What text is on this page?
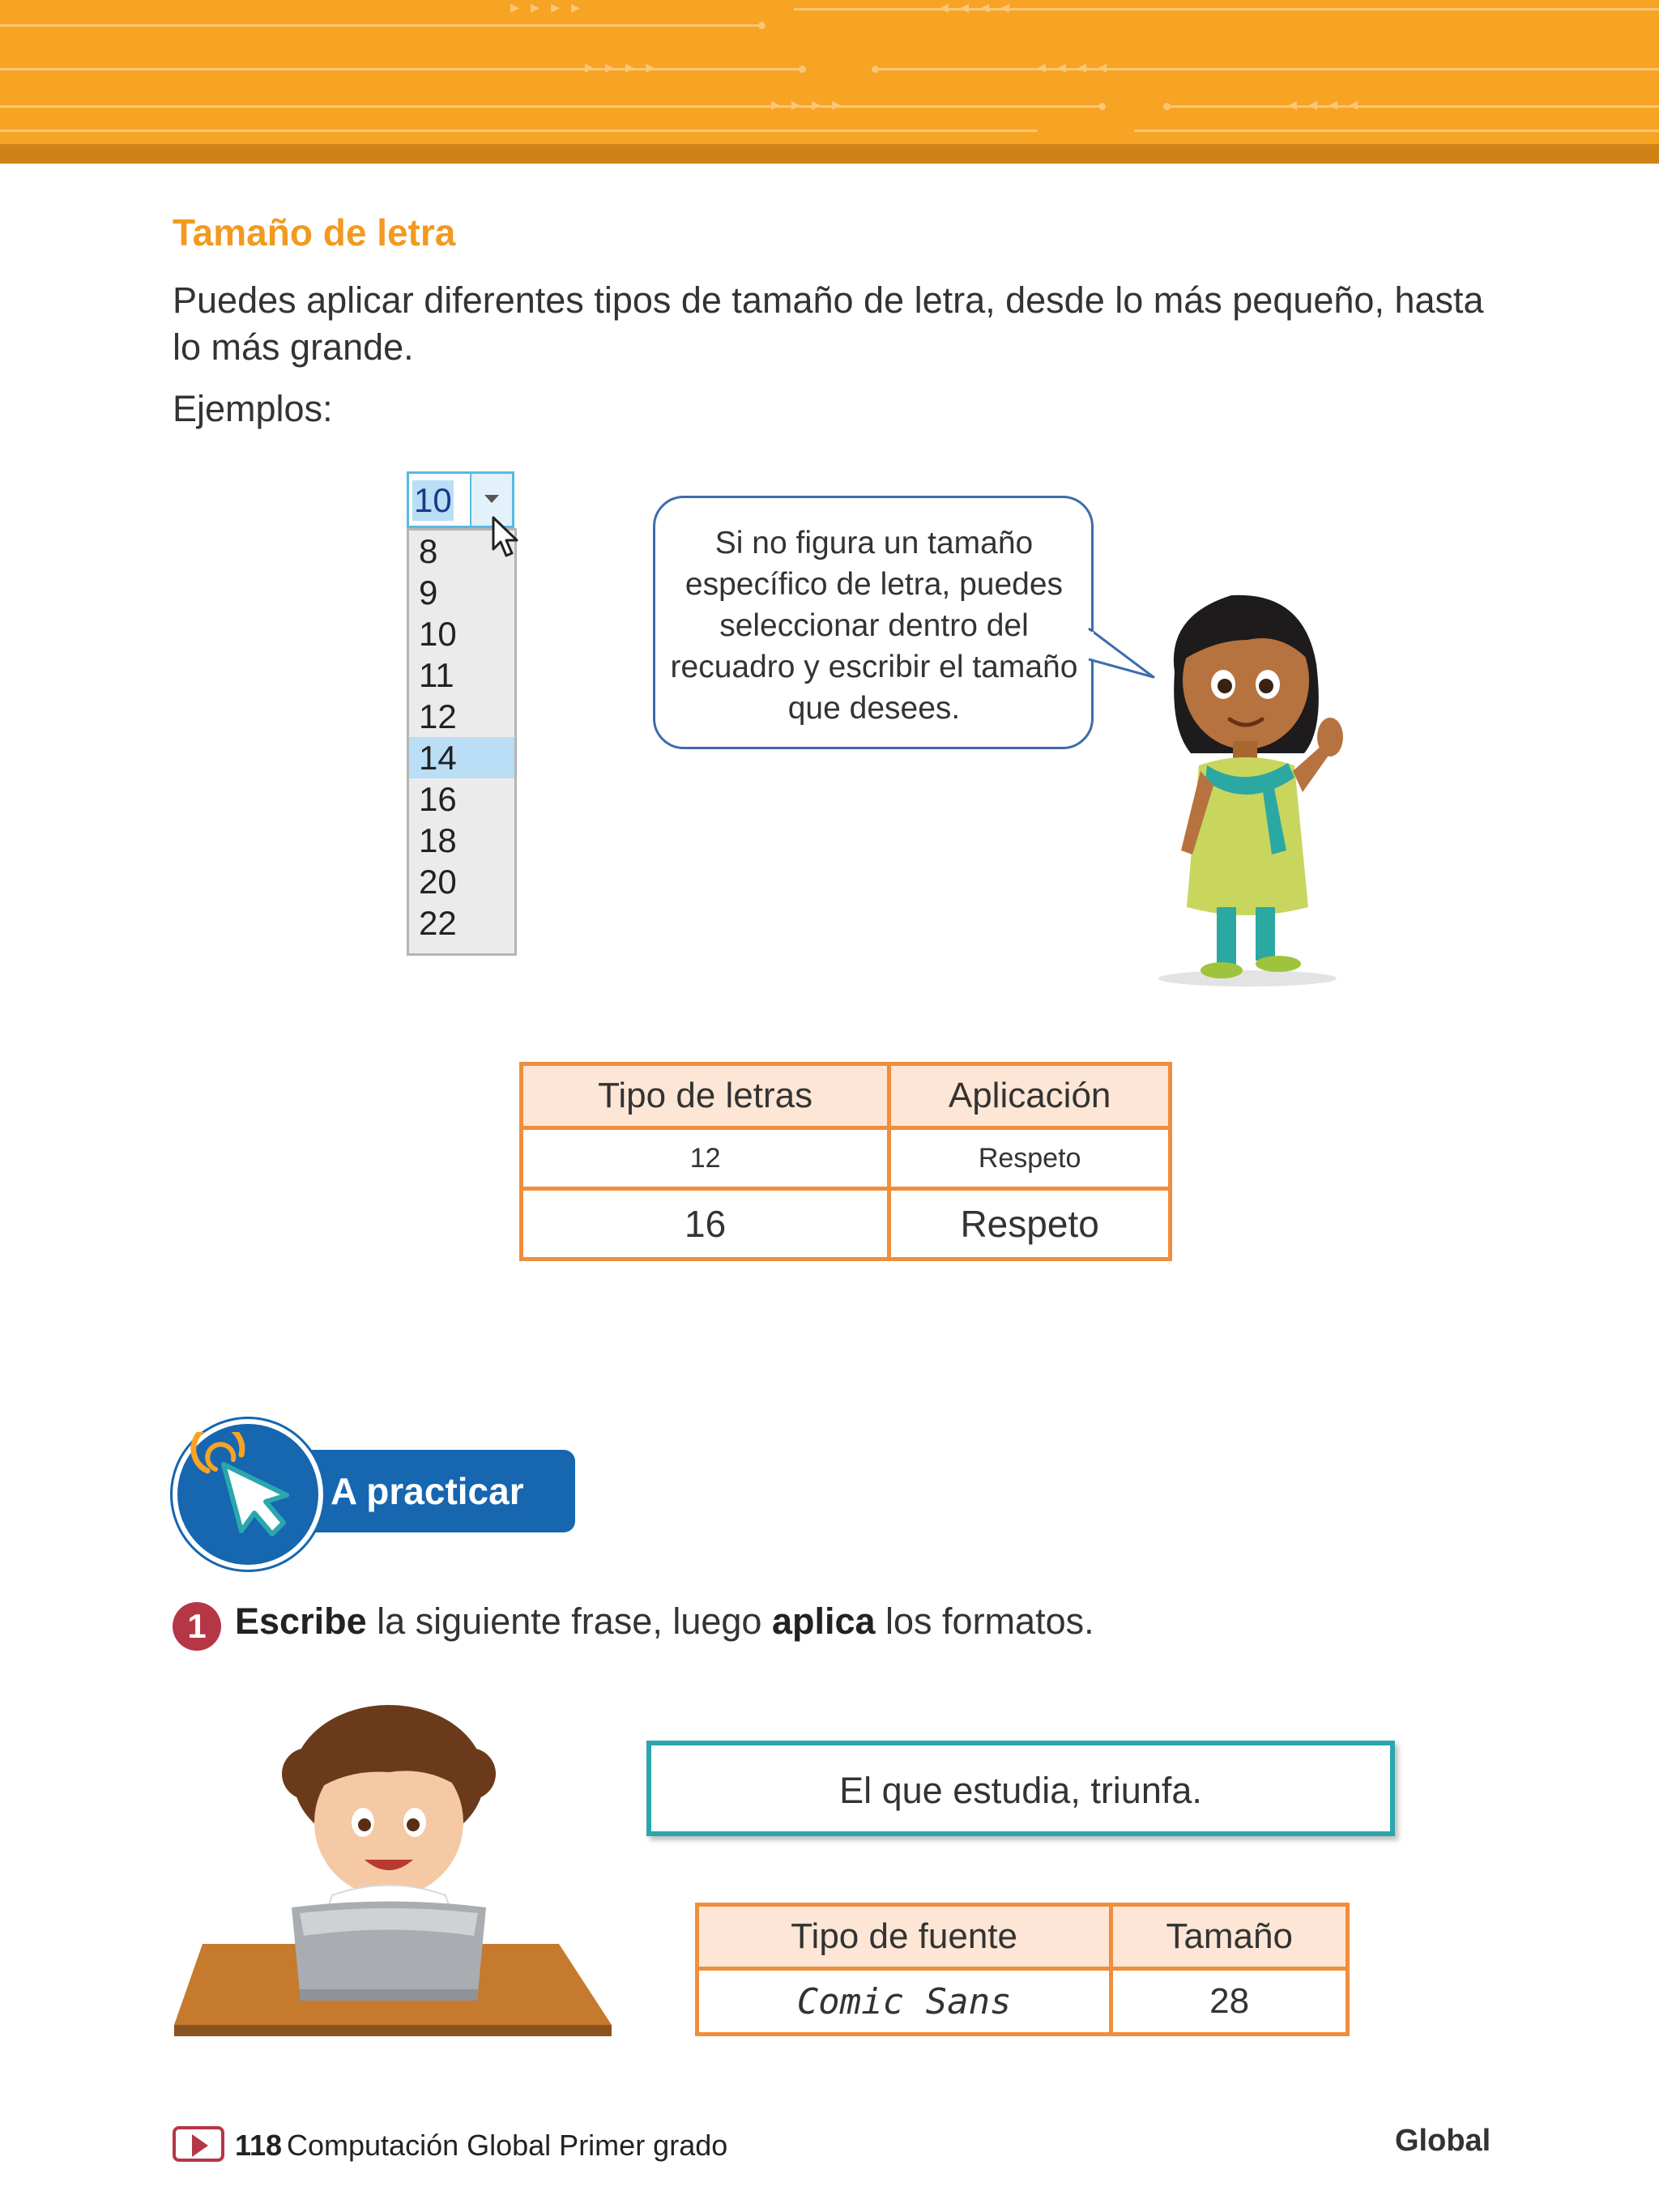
▸▸▸▸	◂◂◂◂
▸▸▸▸	◂◂◂◂
▸▸▸▸	◂◂◂◂
Tamaño de letra
Puedes aplicar diferentes tipos de tamaño de letra, desde lo más pequeño, hasta lo más grande.
Ejemplos:
10
8
9
10
11
12
14
16
18
20
22
Si no figura un tamaño específico de letra, puedes seleccionar dentro del recuadro y escribir el tamaño que desees.
Tipo de letras	Aplicación
12	Respeto
16	Respeto
A practicar
1 Escribe la siguiente frase, luego aplica los formatos.
El que estudia, triunfa.
Tipo de fuente	Tamaño
Comic Sans	28
118 Computación Global Primer grado	Global
